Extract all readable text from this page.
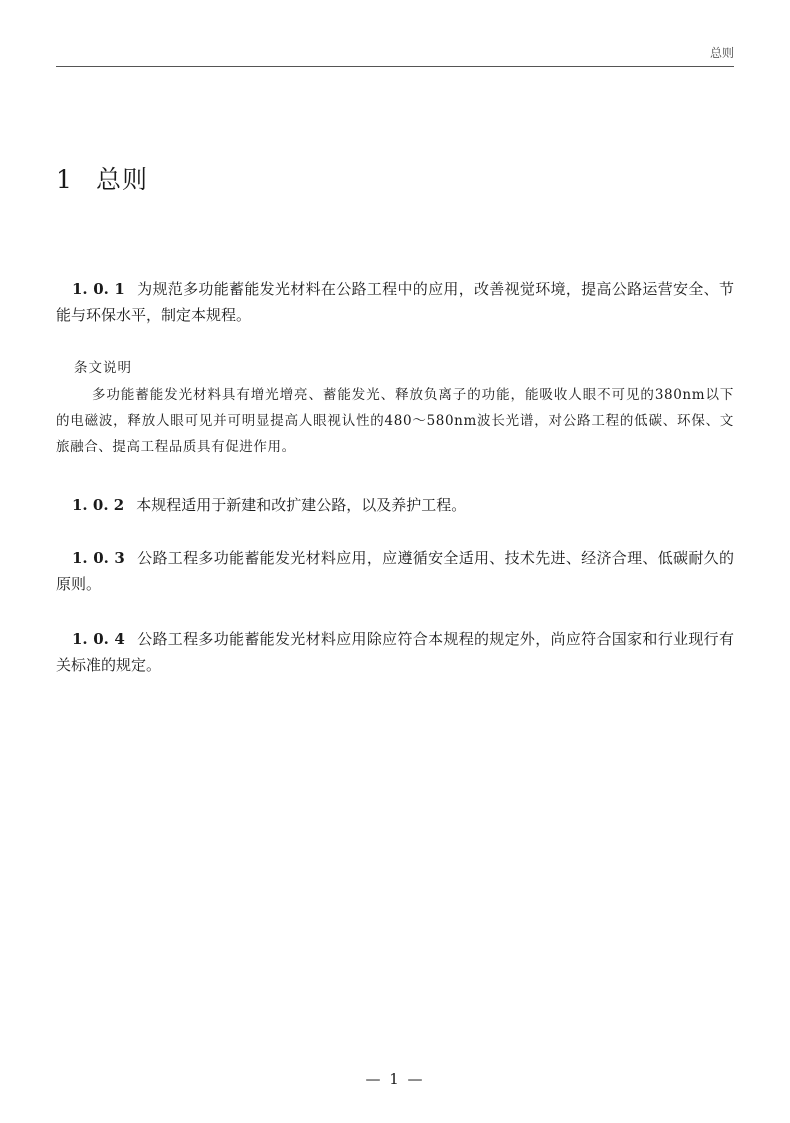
总则
1 总则

1. 0. 1 为规范多功能蓄能发光材料在公路工程中的应用，改善视觉环境，提高公路运营安全、节能与环保水平，制定本规程。

条文说明

多功能蓄能发光材料具有增光增亮、蓄能发光、释放负离子的功能，能吸收人眼不可见的380nm以下的电磁波，释放人眼可见并可明显提高人眼视认性的480～580nm波长光谱，对公路工程的低碳、环保、文旅融合、提高工程品质具有促进作用。

1. 0. 2 本规程适用于新建和改扩建公路，以及养护工程。

1. 0. 3 公路工程多功能蓄能发光材料应用，应遵循安全适用、技术先进、经济合理、低碳耐久的原则。

1. 0. 4 公路工程多功能蓄能发光材料应用除应符合本规程的规定外，尚应符合国家和行业现行有关标准的规定。

— 1 —
